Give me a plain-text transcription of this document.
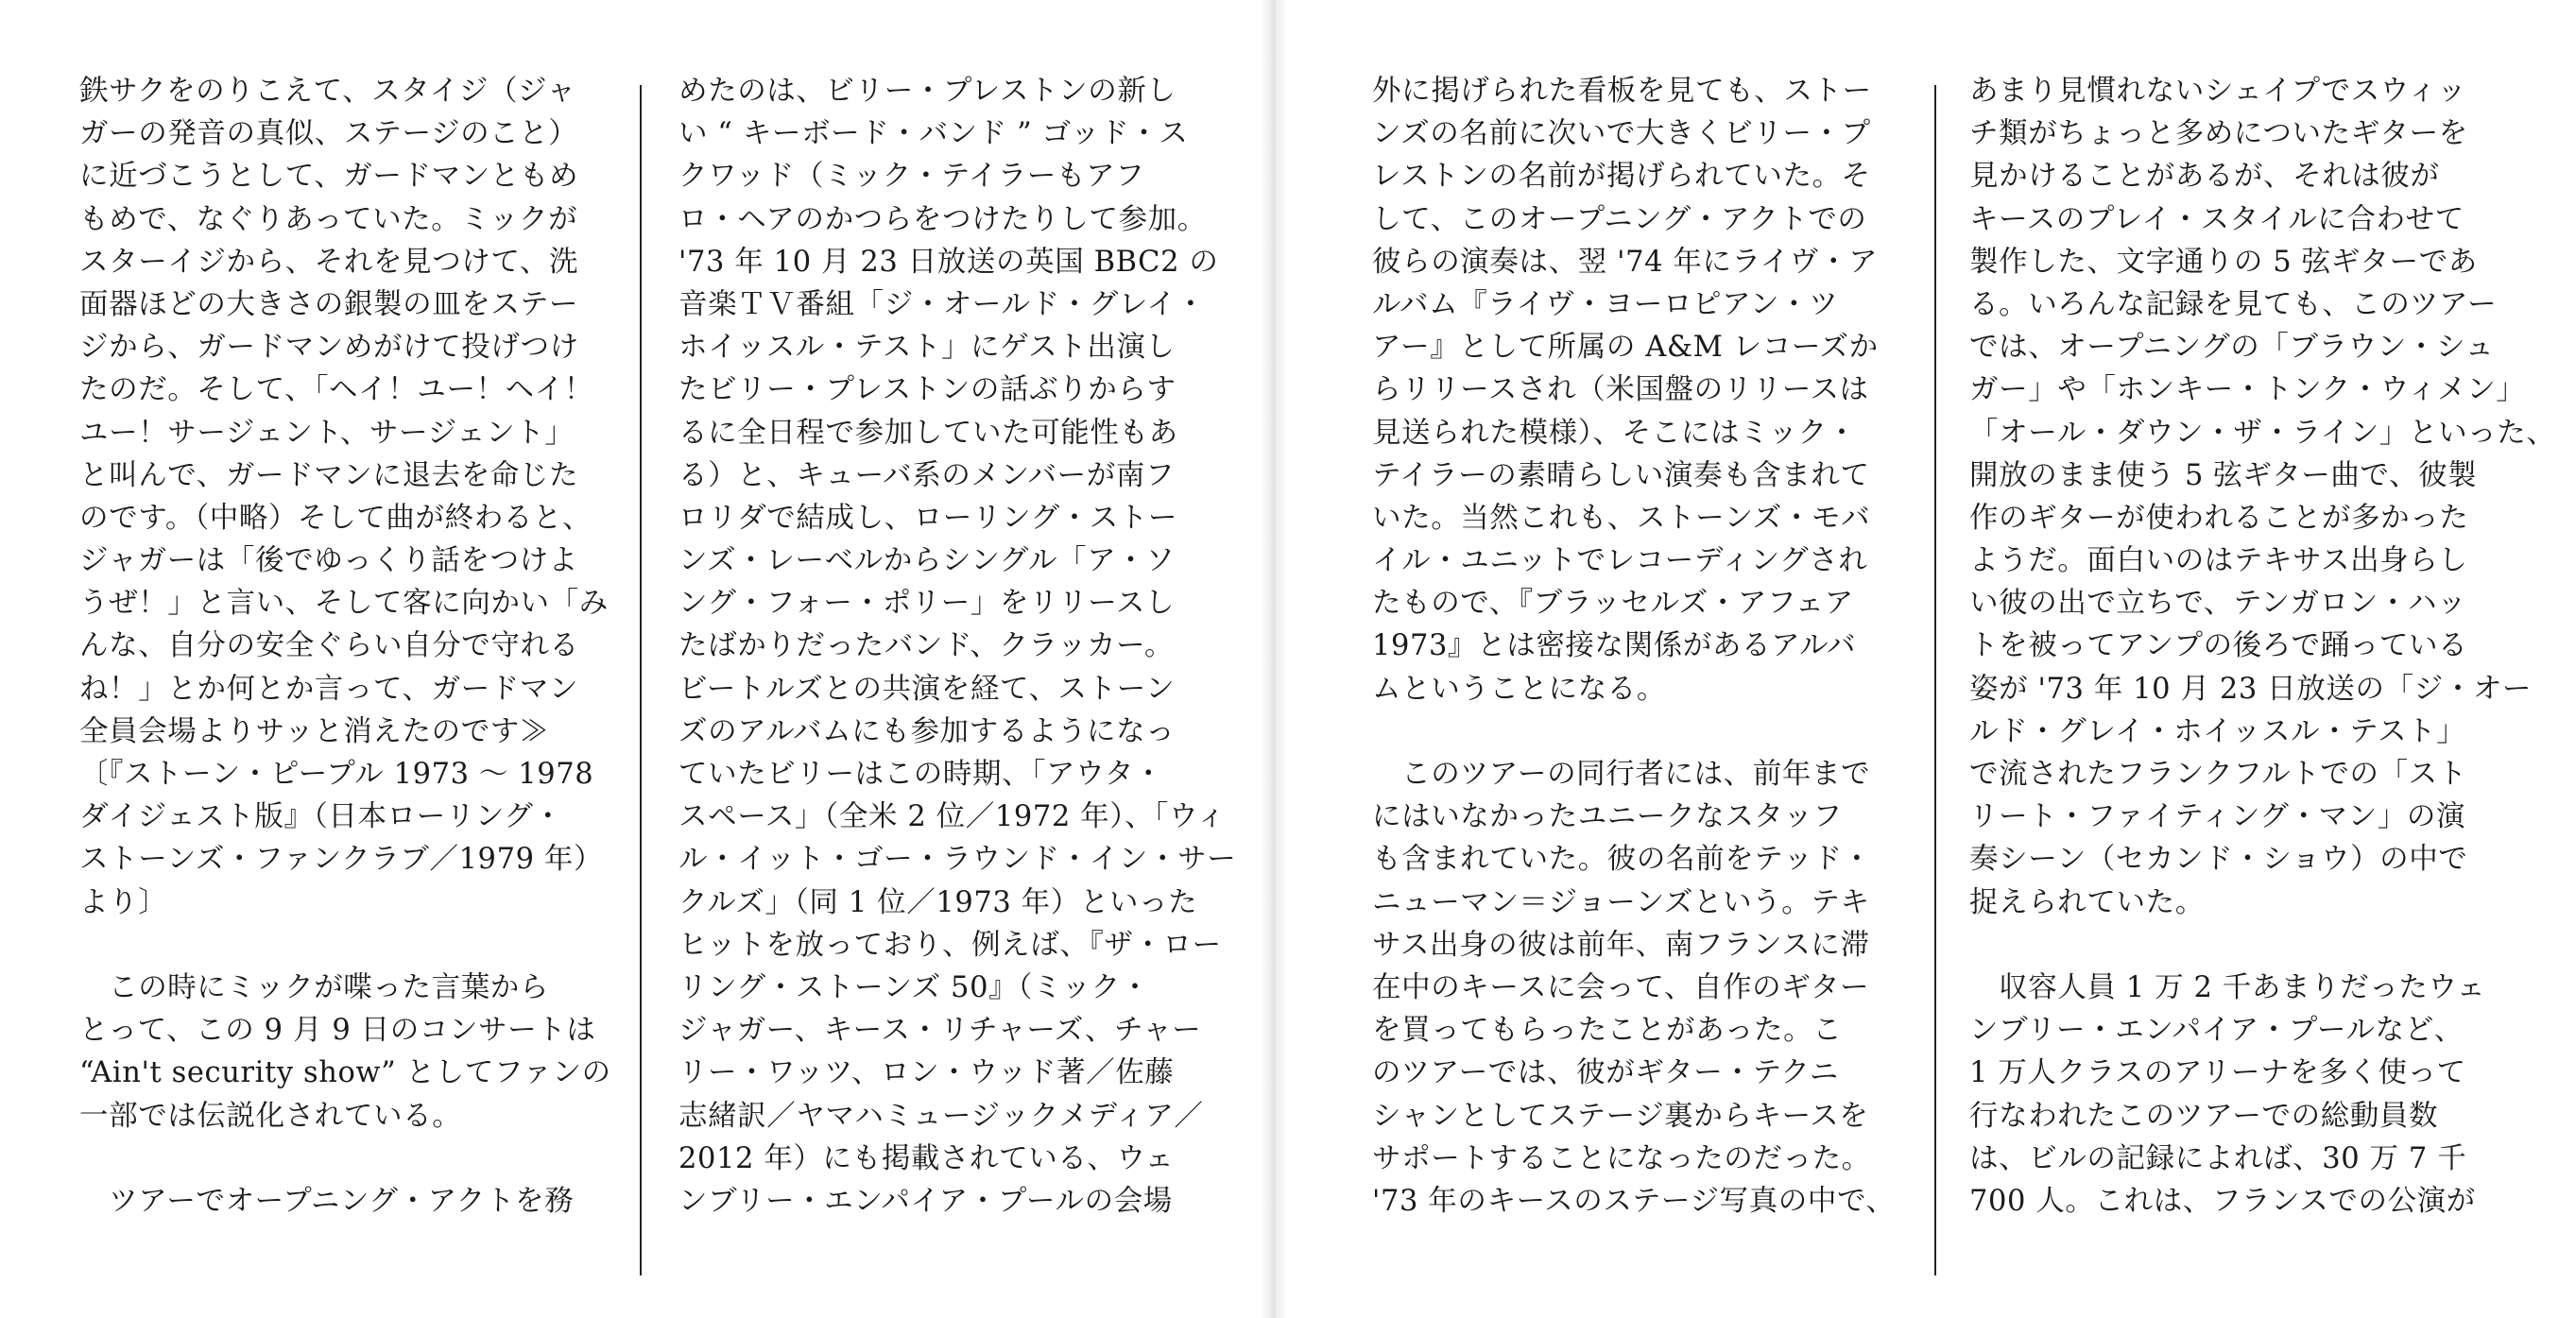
鉄サクをのりこえて、スタイジ（ジャ
ガーの発音の真似、ステージのこと）
に近づこうとして、ガードマンともめ
もめで、なぐりあっていた。ミックが
スターイジから、それを見つけて、洗
面器ほどの大きさの銀製の皿をステー
ジから、ガードマンめがけて投げつけ
たのだ。そして、「ヘイ！ユー！ヘイ！
ユー！サージェント、サージェント」
と叫んで、ガードマンに退去を命じた
のです。（中略）そして曲が終わると、
ジャガーは「後でゆっくり話をつけよ
うぜ！」と言い、そして客に向かい「み
んな、自分の安全ぐらい自分で守れる
ね！」とか何とか言って、ガードマン
全員会場よりサッと消えたのです≫
〔『ストーン・ピープル 1973 〜 1978
ダイジェスト版』（日本ローリング・
ストーンズ・ファンクラブ／1979 年）
より〕
　この時にミックが喋った言葉から
とって、この 9 月 9 日のコンサートは
“Ain't security show” としてファンの
一部では伝説化されている。
　ツアーでオープニング・アクトを務
めたのは、ビリー・プレストンの新し
い “ キーボード・バンド ” ゴッド・ス
クワッド（ミック・テイラーもアフ
ロ・ヘアのかつらをつけたりして参加。
'73 年 10 月 23 日放送の英国 BBC2 の
音楽ＴＶ番組「ジ・オールド・グレイ・
ホイッスル・テスト」にゲスト出演し
たビリー・プレストンの話ぶりからす
るに全日程で参加していた可能性もあ
る）と、キューバ系のメンバーが南フ
ロリダで結成し、ローリング・ストー
ンズ・レーベルからシングル「ア・ソ
ング・フォー・ポリー」をリリースし
たばかりだったバンド、クラッカー。
ビートルズとの共演を経て、ストーン
ズのアルバムにも参加するようになっ
ていたビリーはこの時期、「アウタ・
スペース」（全米 2 位／1972 年）、「ウィ
ル・イット・ゴー・ラウンド・イン・サー
クルズ」（同 1 位／1973 年）といった
ヒットを放っており、例えば、『ザ・ロー
リング・ストーンズ 50』（ミック・
ジャガー、キース・リチャーズ、チャー
リー・ワッツ、ロン・ウッド著／佐藤
志緒訳／ヤマハミュージックメディア／
2012 年）にも掲載されている、ウェ
ンブリー・エンパイア・プールの会場
外に掲げられた看板を見ても、ストー
ンズの名前に次いで大きくビリー・プ
レストンの名前が掲げられていた。そ
して、このオープニング・アクトでの
彼らの演奏は、翌 '74 年にライヴ・ア
ルバム『ライヴ・ヨーロピアン・ツ
アー』として所属の A&M レコーズか
らリリースされ（米国盤のリリースは
見送られた模様）、そこにはミック・
テイラーの素晴らしい演奏も含まれて
いた。当然これも、ストーンズ・モバ
イル・ユニットでレコーディングされ
たもので、『ブラッセルズ・アフェア
1973』とは密接な関係があるアルバ
ムということになる。
　このツアーの同行者には、前年まで
にはいなかったユニークなスタッフ
も含まれていた。彼の名前をテッド・
ニューマン＝ジョーンズという。テキ
サス出身の彼は前年、南フランスに滞
在中のキースに会って、自作のギター
を買ってもらったことがあった。こ
のツアーでは、彼がギター・テクニ
シャンとしてステージ裏からキースを
サポートすることになったのだった。
'73 年のキースのステージ写真の中で、
あまり見慣れないシェイプでスウィッ
チ類がちょっと多めについたギターを
見かけることがあるが、それは彼が
キースのプレイ・スタイルに合わせて
製作した、文字通りの 5 弦ギターであ
る。いろんな記録を見ても、このツアー
では、オープニングの「ブラウン・シュ
ガー」や「ホンキー・トンク・ウィメン」
「オール・ダウン・ザ・ライン」といった、
開放のまま使う 5 弦ギター曲で、彼製
作のギターが使われることが多かった
ようだ。面白いのはテキサス出身らし
い彼の出で立ちで、テンガロン・ハッ
トを被ってアンプの後ろで踊っている
姿が '73 年 10 月 23 日放送の「ジ・オー
ルド・グレイ・ホイッスル・テスト」
で流されたフランクフルトでの「スト
リート・ファイティング・マン」の演
奏シーン（セカンド・ショウ）の中で
捉えられていた。
　収容人員 1 万 2 千あまりだったウェ
ンブリー・エンパイア・プールなど、
1 万人クラスのアリーナを多く使って
行なわれたこのツアーでの総動員数
は、ビルの記録によれば、30 万 7 千
700 人。これは、フランスでの公演が
